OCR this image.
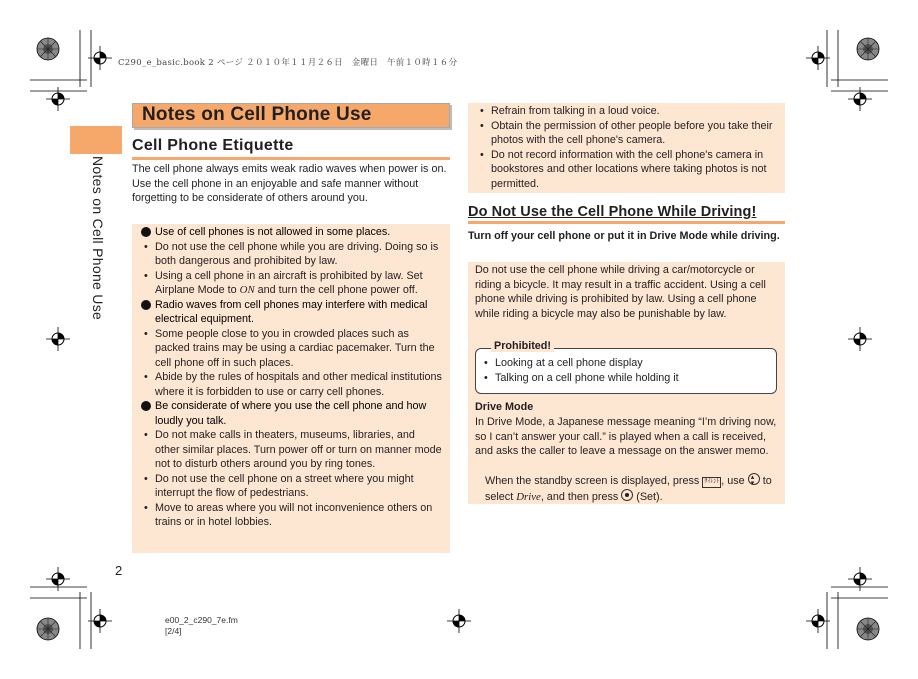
C290_e_basic.book 2 ページ ２０１０年１１月２６日　金曜日　午前１０時１６分
Notes on Cell Phone Use
Notes on Cell Phone Use
Cell Phone Etiquette
The cell phone always emits weak radio waves when power is on.
Use the cell phone in an enjoyable and safe manner without forgetting to be considerate of others around you.
Use of cell phones is not allowed in some places.
• Do not use the cell phone while you are driving. Doing so is both dangerous and prohibited by law.
• Using a cell phone in an aircraft is prohibited by law. Set Airplane Mode to ON and turn the cell phone power off.
Radio waves from cell phones may interfere with medical electrical equipment.
• Some people close to you in crowded places such as packed trains may be using a cardiac pacemaker. Turn the cell phone off in such places.
• Abide by the rules of hospitals and other medical institutions where it is forbidden to use or carry cell phones.
Be considerate of where you use the cell phone and how loudly you talk.
• Do not make calls in theaters, museums, libraries, and other similar places. Turn power off or turn on manner mode not to disturb others around you by ring tones.
• Do not use the cell phone on a street where you might interrupt the flow of pedestrians.
• Move to areas where you will not inconvenience others on trains or in hotel lobbies.
• Refrain from talking in a loud voice.
• Obtain the permission of other people before you take their photos with the cell phone's camera.
• Do not record information with the cell phone's camera in bookstores and other locations where taking photos is not permitted.
Do Not Use the Cell Phone While Driving!
Turn off your cell phone or put it in Drive Mode while driving.
Do not use the cell phone while driving a car/motorcycle or riding a bicycle. It may result in a traffic accident. Using a cell phone while driving is prohibited by law. Using a cell phone while riding a bicycle may also be punishable by law.
Prohibited!
• Looking at a cell phone display
• Talking on a cell phone while holding it
Drive Mode
In Drive Mode, a Japanese message meaning “I’m driving now, so I can’t answer your call.” is played when a call is received, and asks the caller to leave a message on the answer memo.
When the standby screen is displayed, press ｻｲﾚﾝﾄ , use ▴ ▾ to select Drive, and then press (Set).
2
e00_2_c290_7e.fm
[2/4]
